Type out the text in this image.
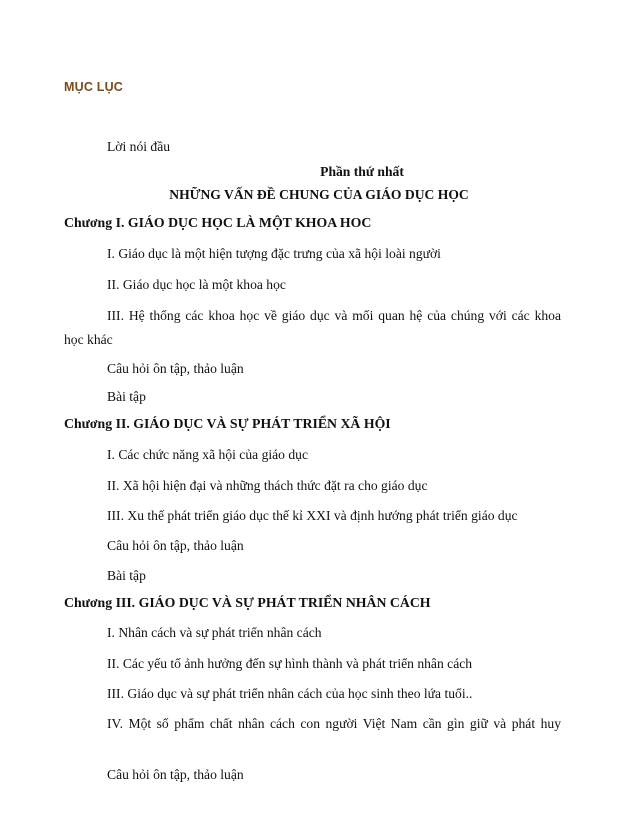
MỤC LỤC
Lời nói đầu
Phần thứ nhất
NHỮNG VẤN ĐỀ CHUNG CỦA GIÁO DỤC HỌC
Chương I. GIÁO DỤC HỌC LÀ MỘT KHOA HOC
I. Giáo dục là một hiện tượng đặc trưng của xã hội loài người
II. Giáo dục học là một khoa học
III. Hệ thống các khoa học về giáo dục và mối quan hệ của chúng với các khoa
học khác
Câu hỏi ôn tập, thảo luận
Bài tập
Chương II. GIÁO DỤC VÀ SỰ PHÁT TRIỂN XÃ HỘI
I. Các chức năng xã hội của giáo dục
II. Xã hội hiện đại và những thách thức đặt ra cho giáo dục
III. Xu thế phát triển giáo dục thế kỉ XXI và định hướng phát triển giáo dục
Câu hỏi ôn tập, thảo luận
Bài tập
Chương III. GIÁO DỤC VÀ SỰ PHÁT TRIỂN NHÂN CÁCH
I. Nhân cách và sự phát triển nhân cách
II. Các yếu tố ảnh hưởng đến sự hình thành và phát triển nhân cách
III. Giáo dục và sự phát triển nhân cách của học sinh theo lứa tuổi..
IV. Một số phẩm chất nhân cách con người Việt Nam cần gìn giữ và phát huy
Câu hỏi ôn tập, thảo luận
